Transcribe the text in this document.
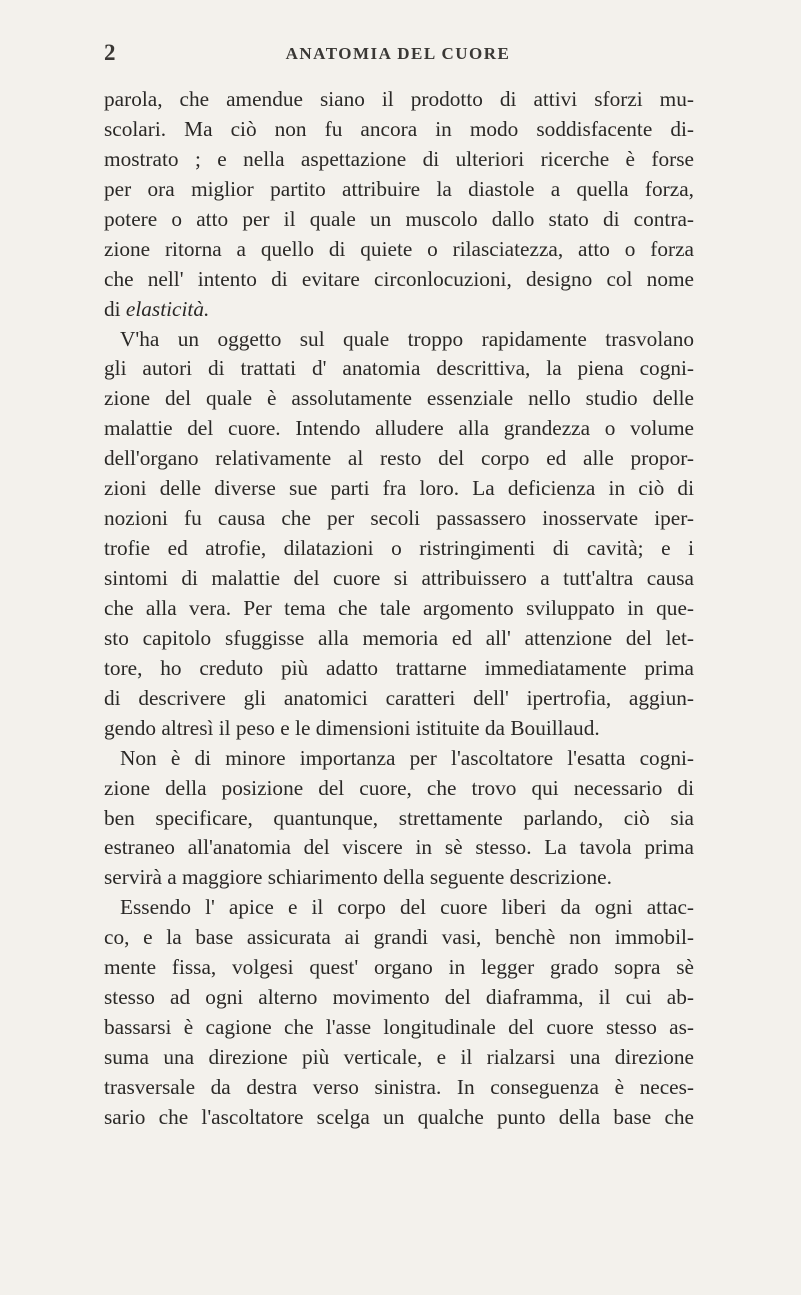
2	ANATOMIA DEL CUORE
parola, che amendue siano il prodotto di attivi sforzi mu-
scolari. Ma ciò non fu ancora in modo soddisfacente di-
mostrato ; e nella aspettazione di ulteriori ricerche è forse
per ora miglior partito attribuire la diastole a quella forza,
potere o atto per il quale un muscolo dallo stato di contra-
zione ritorna a quello di quiete o rilasciatezza, atto o forza
che nell' intento di evitare circonlocuzioni, designo col nome
di elasticità.
V'ha un oggetto sul quale troppo rapidamente trasvolano
gli autori di trattati d' anatomia descrittiva, la piena cogni-
zione del quale è assolutamente essenziale nello studio delle
malattie del cuore. Intendo alludere alla grandezza o volume
dell'organo relativamente al resto del corpo ed alle propor-
zioni delle diverse sue parti fra loro. La deficienza in ciò di
nozioni fu causa che per secoli passassero inosservate iper-
trofie ed atrofie, dilatazioni o ristringimenti di cavità; e i
sintomi di malattie del cuore si attribuissero a tutt'altra causa
che alla vera. Per tema che tale argomento sviluppato in que-
sto capitolo sfuggisse alla memoria ed all' attenzione del let-
tore, ho creduto più adatto trattarne immediatamente prima
di descrivere gli anatomici caratteri dell' ipertrofia, aggiun-
gendo altresì il peso e le dimensioni istituite da Bouillaud.
Non è di minore importanza per l'ascoltatore l'esatta cogni-
zione della posizione del cuore, che trovo qui necessario di
ben specificare, quantunque, strettamente parlando, ciò sia
estraneo all'anatomia del viscere in sè stesso. La tavola prima
servirà a maggiore schiarimento della seguente descrizione.
Essendo l' apice e il corpo del cuore liberi da ogni attac-
co, e la base assicurata ai grandi vasi, benchè non immobil-
mente fissa, volgesi quest' organo in legger grado sopra sè
stesso ad ogni alterno movimento del diaframma, il cui ab-
bassarsi è cagione che l'asse longitudinale del cuore stesso as-
suma una direzione più verticale, e il rialzarsi una direzione
trasversale da destra verso sinistra. In conseguenza è neces-
sario che l'ascoltatore scelga un qualche punto della base che
